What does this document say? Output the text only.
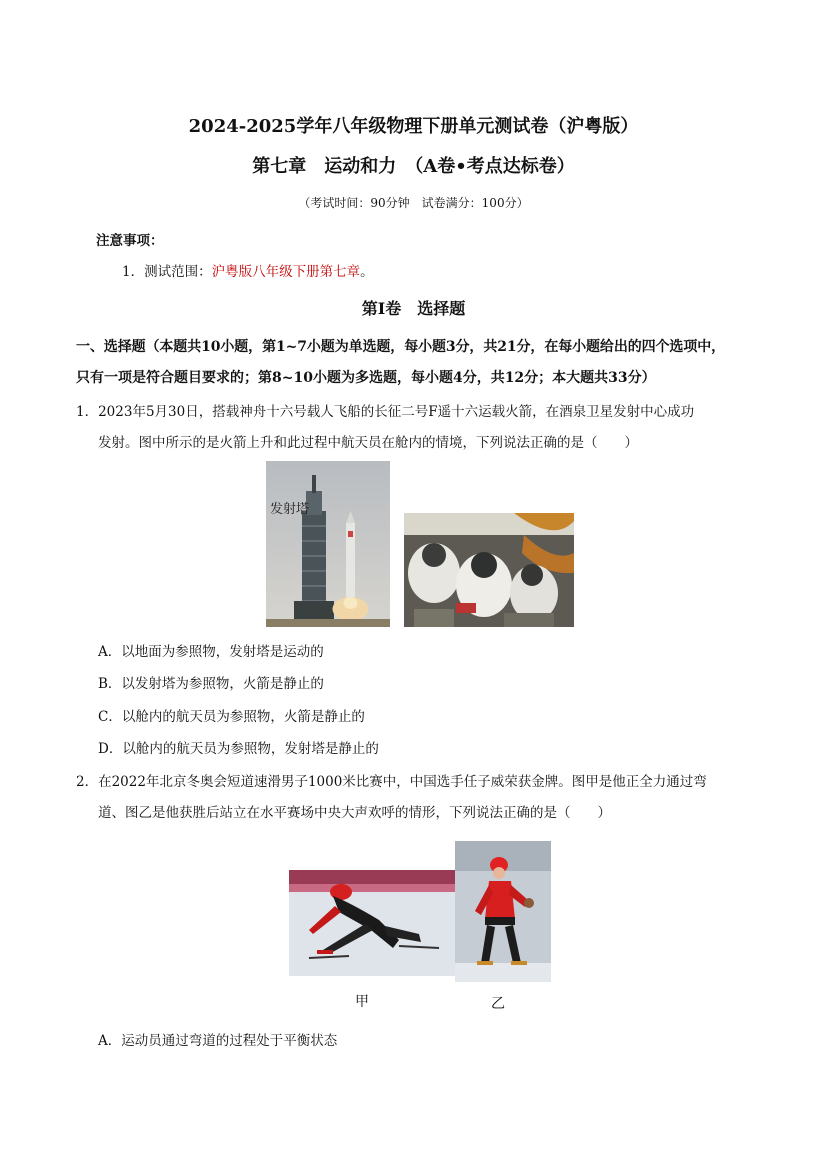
2024-2025学年八年级物理下册单元测试卷（沪粤版）
第七章　运动和力　（A卷•考点达标卷）
（考试时间：90分钟　试卷满分：100分）
注意事项：
1．测试范围：沪粤版八年级下册第七章。
第Ⅰ卷　选择题
一、选择题（本题共10小题，第1~7小题为单选题，每小题3分，共21分，在每小题给出的四个选项中，
只有一项是符合题目要求的；第8~10小题为多选题，每小题4分，共12分；本大题共33分）
1．2023年5月30日，搭载神舟十六号载人飞船的长征二号F遥十六运载火箭，在酒泉卫星发射中心成功
发射。图中所示的是火箭上升和此过程中航天员在舱内的情境，下列说法正确的是（　　）
发射塔
A．以地面为参照物，发射塔是运动的
B．以发射塔为参照物，火箭是静止的
C．以舱内的航天员为参照物，火箭是静止的
D．以舱内的航天员为参照物，发射塔是静止的
2．在2022年北京冬奥会短道速滑男子1000米比赛中，中国选手任子威荣获金牌。图甲是他正全力通过弯
道、图乙是他获胜后站立在水平赛场中央大声欢呼的情形，下列说法正确的是（　　）
甲	乙
A．运动员通过弯道的过程处于平衡状态
